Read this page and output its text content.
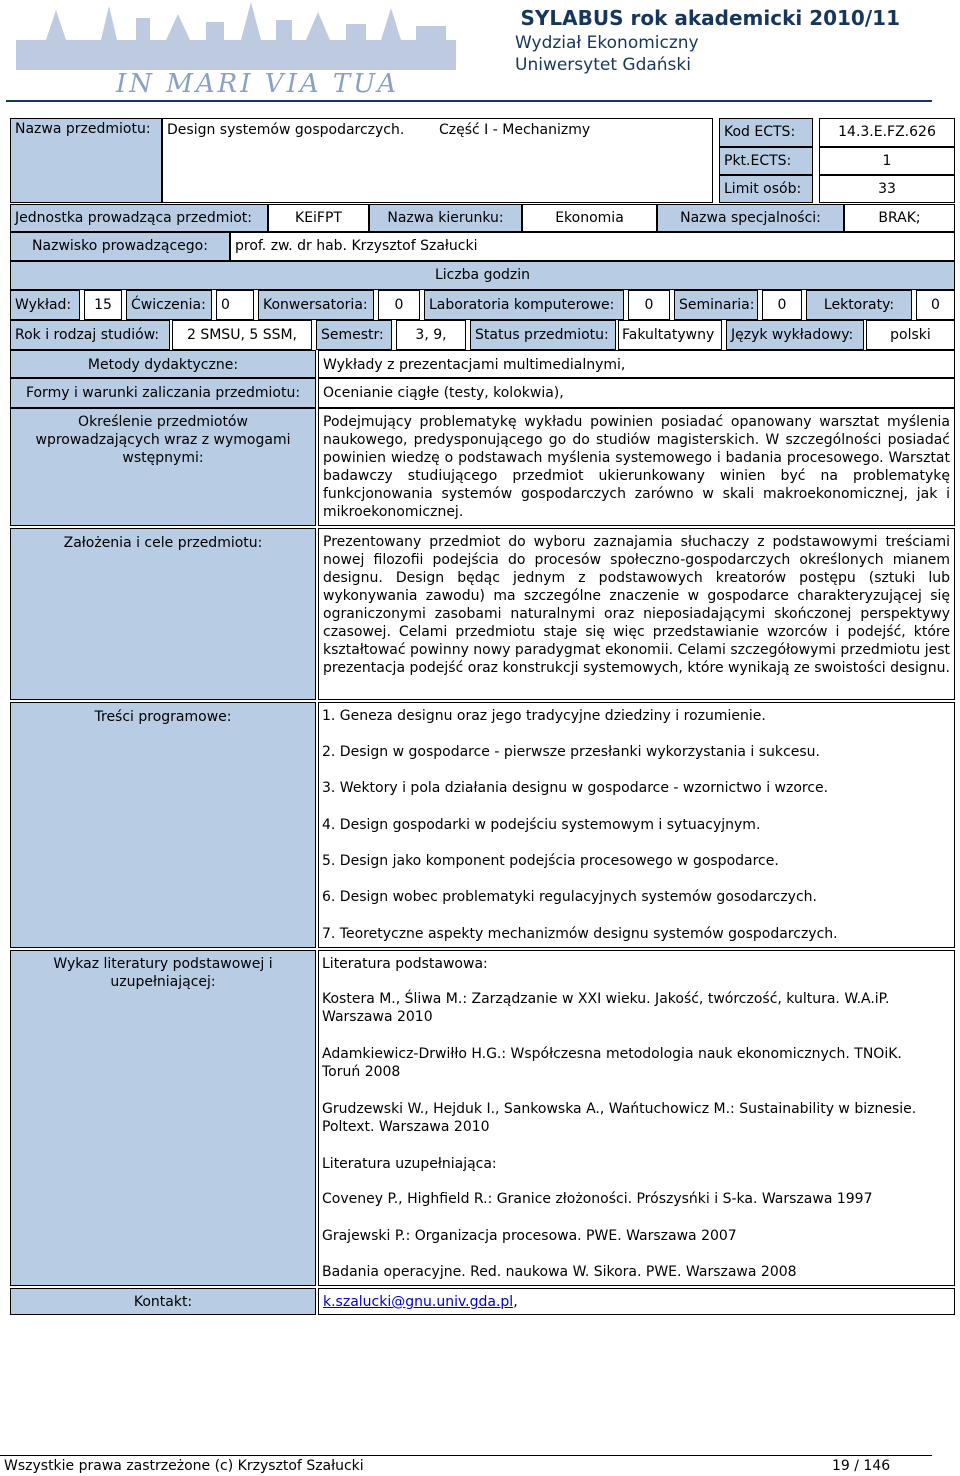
IN MARI VIA TUA
SYLABUS rok akademicki 2010/11
Wydział Ekonomiczny
Uniwersytet Gdański
Nazwa przedmiotu:	Design systemów gospodarczych. Część I - Mechanizmy	Kod ECTS:	14.3.E.FZ.626
Pkt.ECTS:	1
Limit osób:	33
Jednostka prowadząca przedmiot:	KEiFPT	Nazwa kierunku:	Ekonomia	Nazwa specjalności:	BRAK;
Nazwisko prowadzącego:	prof. zw. dr hab. Krzysztof Szałucki
Liczba godzin
Wykład:	15	Ćwiczenia:	0	Konwersatoria:	0	Laboratoria komputerowe:	0	Seminaria:	0	Lektoraty:	0
Rok i rodzaj studiów:	2 SMSU, 5 SSM,	Semestr:	3, 9,	Status przedmiotu: Fakultatywny	Język wykładowy:	polski
Metody dydaktyczne:	Wykłady z prezentacjami multimedialnymi,
Formy i warunki zaliczania przedmiotu:	Ocenianie ciągłe (testy, kolokwia),
Określenie przedmiotów wprowadzających wraz z wymogami wstępnymi:
Podejmujący problematykę wykładu powinien posiadać opanowany warsztat myślenia naukowego, predysponującego go do studiów magisterskich. W szczególności posiadać powinien wiedzę o podstawach myślenia systemowego i badania procesowego. Warsztat badawczy studiującego przedmiot ukierunkowany winien być na problematykę funkcjonowania systemów gospodarczych zarówno w skali makroekonomicznej, jak i mikroekonomicznej.
Założenia i cele przedmiotu:	Prezentowany przedmiot do wyboru zaznajamia słuchaczy z podstawowymi treściami nowej filozofii podejścia do procesów społeczno-gospodarczych określonych mianem designu. Design będąc jednym z podstawowych kreatorów postępu (sztuki lub wykonywania zawodu) ma szczególne znaczenie w gospodarce charakteryzującej się ograniczonymi zasobami naturalnymi oraz nieposiadającymi skończonej perspektywy czasowej. Celami przedmiotu staje się więc przedstawianie wzorców i podejść, które kształtować powinny nowy paradygmat ekonomii. Celami szczegółowymi przedmiotu jest prezentacja podejść oraz konstrukcji systemowych, które wynikają ze swoistości designu.
Treści programowe:	1. Geneza designu oraz jego tradycyjne dziedziny i rozumienie.
2. Design w gospodarce - pierwsze przesłanki wykorzystania i sukcesu.
3. Wektory i pola działania designu w gospodarce - wzornictwo i wzorce.
4. Design gospodarki w podejściu systemowym i sytuacyjnym.
5. Design jako komponent podejścia procesowego w gospodarce.
6. Design wobec problematyki regulacyjnych systemów gosodarczych.
7. Teoretyczne aspekty mechanizmów designu systemów gospodarczych.
Wykaz literatury podstawowej i uzupełniającej:
Literatura podstawowa:
Kostera M., Śliwa M.: Zarządzanie w XXI wieku. Jakość, twórczość, kultura. W.A.iP. Warszawa 2010
Adamkiewicz-Drwiłło H.G.: Współczesna metodologia nauk ekonomicznych. TNOiK. Toruń 2008
Grudzewski W., Hejduk I., Sankowska A., Wańtuchowicz M.: Sustainability w biznesie. Poltext. Warszawa 2010
Literatura uzupełniająca:
Coveney P., Highfield R.: Granice złożoności. Prószysńki i S-ka. Warszawa 1997
Grajewski P.: Organizacja procesowa. PWE. Warszawa 2007
Badania operacyjne. Red. naukowa W. Sikora. PWE. Warszawa 2008
Kontakt:	k.szalucki@gnu.univ.gda.pl,
Wszystkie prawa zastrzeżone (c) Krzysztof Szałucki	19 / 146
